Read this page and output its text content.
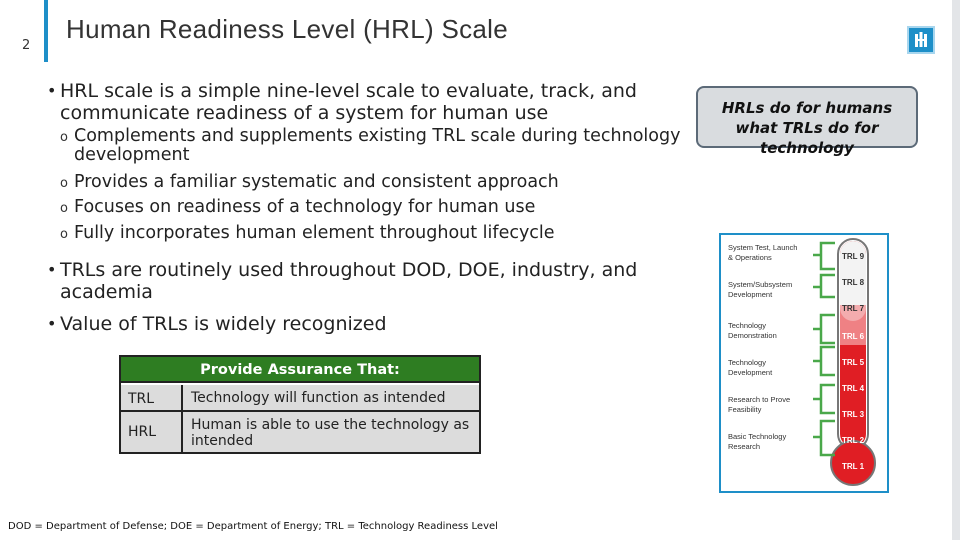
2
Human Readiness Level (HRL) Scale
• HRL scale is a simple nine-level scale to evaluate, track, and
communicate readiness of a system for human use
o Complements and supplements existing TRL scale during technology
development
o Provides a familiar systematic and consistent approach
o Focuses on readiness of a technology for human use
o Fully incorporates human element throughout lifecycle
• TRLs are routinely used throughout DOD, DOE, industry, and
academia
• Value of TRLs is widely recognized
Provide Assurance That:
TRL	Technology will function as intended
HRL	Human is able to use the technology as
intended
DOD = Department of Defense; DOE = Department of Energy; TRL = Technology Readiness Level
HRLs do for humans
what TRLs do for
technology
TRL 9
TRL 8
TRL 7
TRL 6
TRL 5
TRL 4
TRL 3
TRL 2
TRL 1
System Test, Launch
& Operations
System/Subsystem
Development
Technology
Demonstration
Technology
Development
Research to Prove
Feasibility
Basic Technology
Research
